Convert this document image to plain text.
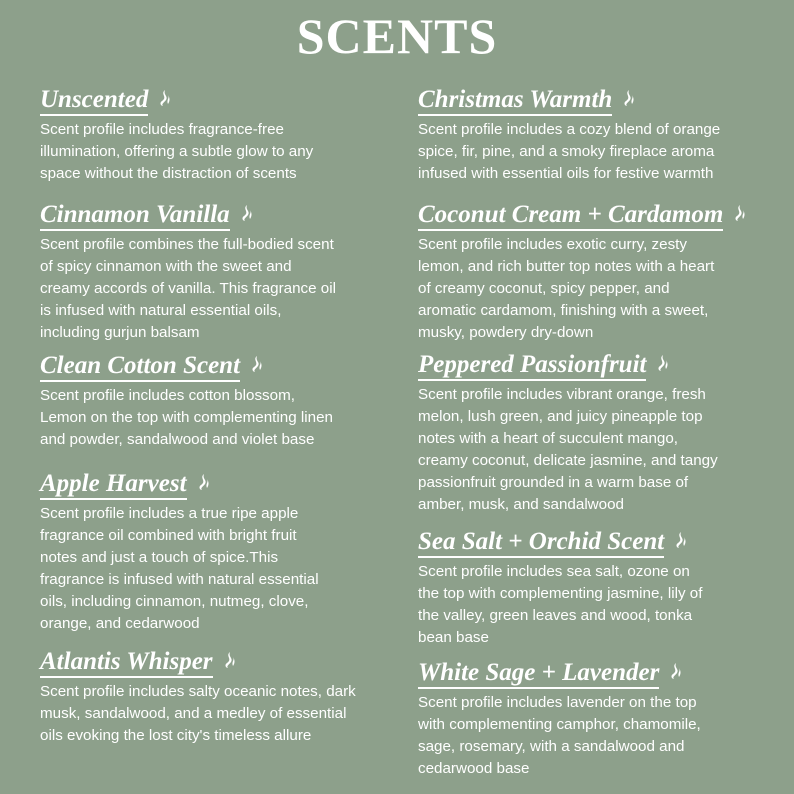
SCENTS
Unscented
Scent profile includes fragrance-free
illumination, offering a subtle glow to any
space without the distraction of scents
Cinnamon Vanilla
Scent profile combines the full-bodied scent
of spicy cinnamon with the sweet and
creamy accords of vanilla. This fragrance oil
is infused with natural essential oils,
including gurjun balsam
Clean Cotton Scent
Scent profile includes cotton blossom,
Lemon on the top with complementing linen
and powder, sandalwood and violet base
Apple Harvest
Scent profile includes a true ripe apple
fragrance oil combined with bright fruit
notes and just a touch of spice.This
fragrance is infused with natural essential
oils, including cinnamon, nutmeg, clove,
orange, and cedarwood
Atlantis Whisper
Scent profile includes salty oceanic notes, dark
musk, sandalwood, and a medley of essential
oils evoking the lost city's timeless allure
Christmas Warmth
Scent profile includes a cozy blend of orange
spice, fir, pine, and a smoky fireplace aroma
infused with essential oils for festive warmth
Coconut Cream + Cardamom
Scent profile includes exotic curry, zesty
lemon, and rich butter top notes with a heart
of creamy coconut, spicy pepper, and
aromatic cardamom, finishing with a sweet,
musky, powdery dry-down
Peppered Passionfruit
Scent profile includes vibrant orange, fresh
melon, lush green, and juicy pineapple top
notes with a heart of succulent mango,
creamy coconut, delicate jasmine, and tangy
passionfruit grounded in a warm base of
amber, musk, and sandalwood
Sea Salt + Orchid Scent
Scent profile includes sea salt, ozone on
the top with complementing jasmine, lily of
the valley, green leaves and wood, tonka
bean base
White Sage + Lavender
Scent profile includes lavender on the top
with complementing camphor, chamomile,
sage, rosemary, with a sandalwood and
cedarwood base
